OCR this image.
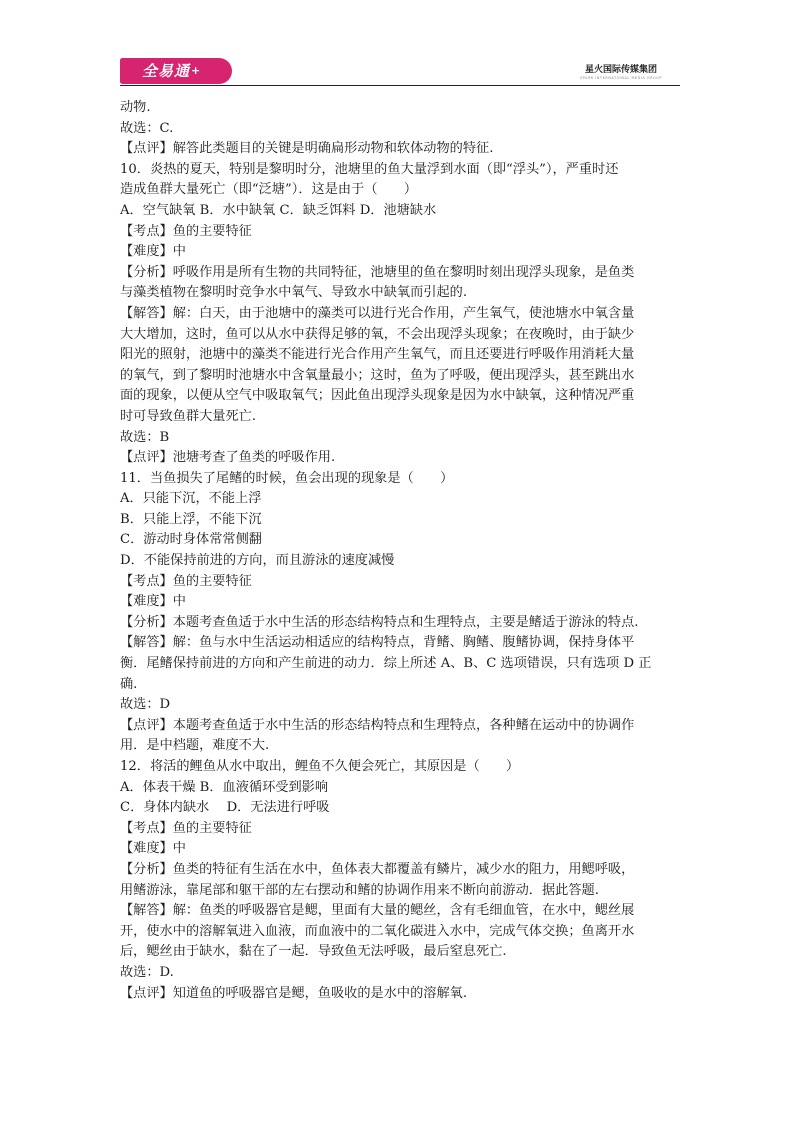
全易通+	星火国际传媒集团
SPARK INTERNATIONAL MEDIA GROUP

动物.

故选：C.

【点评】解答此类题目的关键是明确扁形动物和软体动物的特征.

10．炎热的夏天，特别是黎明时分，池塘里的鱼大量浮到水面（即“浮头”），严重时还

造成鱼群大量死亡（即“泛塘”）．这是由于（　　）

A．空气缺氧 B．水中缺氧 C．缺乏饵料 D．池塘缺水

【考点】鱼的主要特征

【难度】中

【分析】呼吸作用是所有生物的共同特征，池塘里的鱼在黎明时刻出现浮头现象，是鱼类

与藻类植物在黎明时竞争水中氧气、导致水中缺氧而引起的.

【解答】解：白天，由于池塘中的藻类可以进行光合作用，产生氧气，使池塘水中氧含量

大大增加，这时，鱼可以从水中获得足够的氧，不会出现浮头现象；在夜晚时，由于缺少

阳光的照射，池塘中的藻类不能进行光合作用产生氧气，而且还要进行呼吸作用消耗大量

的氧气，到了黎明时池塘水中含氧量最小；这时，鱼为了呼吸，便出现浮头，甚至跳出水

面的现象，以便从空气中吸取氧气；因此鱼出现浮头现象是因为水中缺氧，这种情况严重

时可导致鱼群大量死亡.

故选：B

【点评】池塘考查了鱼类的呼吸作用.

11．当鱼损失了尾鳍的时候，鱼会出现的现象是（　　）

A．只能下沉，不能上浮

B．只能上浮，不能下沉

C．游动时身体常常侧翻

D．不能保持前进的方向，而且游泳的速度减慢

【考点】鱼的主要特征

【难度】中

【分析】本题考查鱼适于水中生活的形态结构特点和生理特点，主要是鳍适于游泳的特点.

【解答】解：鱼与水中生活运动相适应的结构特点，背鳍、胸鳍、腹鳍协调，保持身体平

衡．尾鳍保持前进的方向和产生前进的动力．综上所述 A、B、C 选项错误，只有选项 D 正

确.

故选：D

【点评】本题考查鱼适于水中生活的形态结构特点和生理特点，各种鳍在运动中的协调作

用．是中档题，难度不大.

12．将活的鲤鱼从水中取出，鲤鱼不久便会死亡，其原因是（　　）

A．体表干燥 B．血液循环受到影响

C．身体内缺水　 D．无法进行呼吸

【考点】鱼的主要特征

【难度】中

【分析】鱼类的特征有生活在水中，鱼体表大都覆盖有鳞片，减少水的阻力，用鳃呼吸，

用鳍游泳，靠尾部和躯干部的左右摆动和鳍的协调作用来不断向前游动．据此答题.

【解答】解：鱼类的呼吸器官是鳃，里面有大量的鳃丝，含有毛细血管，在水中，鳃丝展

开，使水中的溶解氧进入血液，而血液中的二氧化碳进入水中，完成气体交换；鱼离开水

后，鳃丝由于缺水，黏在了一起．导致鱼无法呼吸，最后窒息死亡.

故选：D.

【点评】知道鱼的呼吸器官是鳃，鱼吸收的是水中的溶解氧.
